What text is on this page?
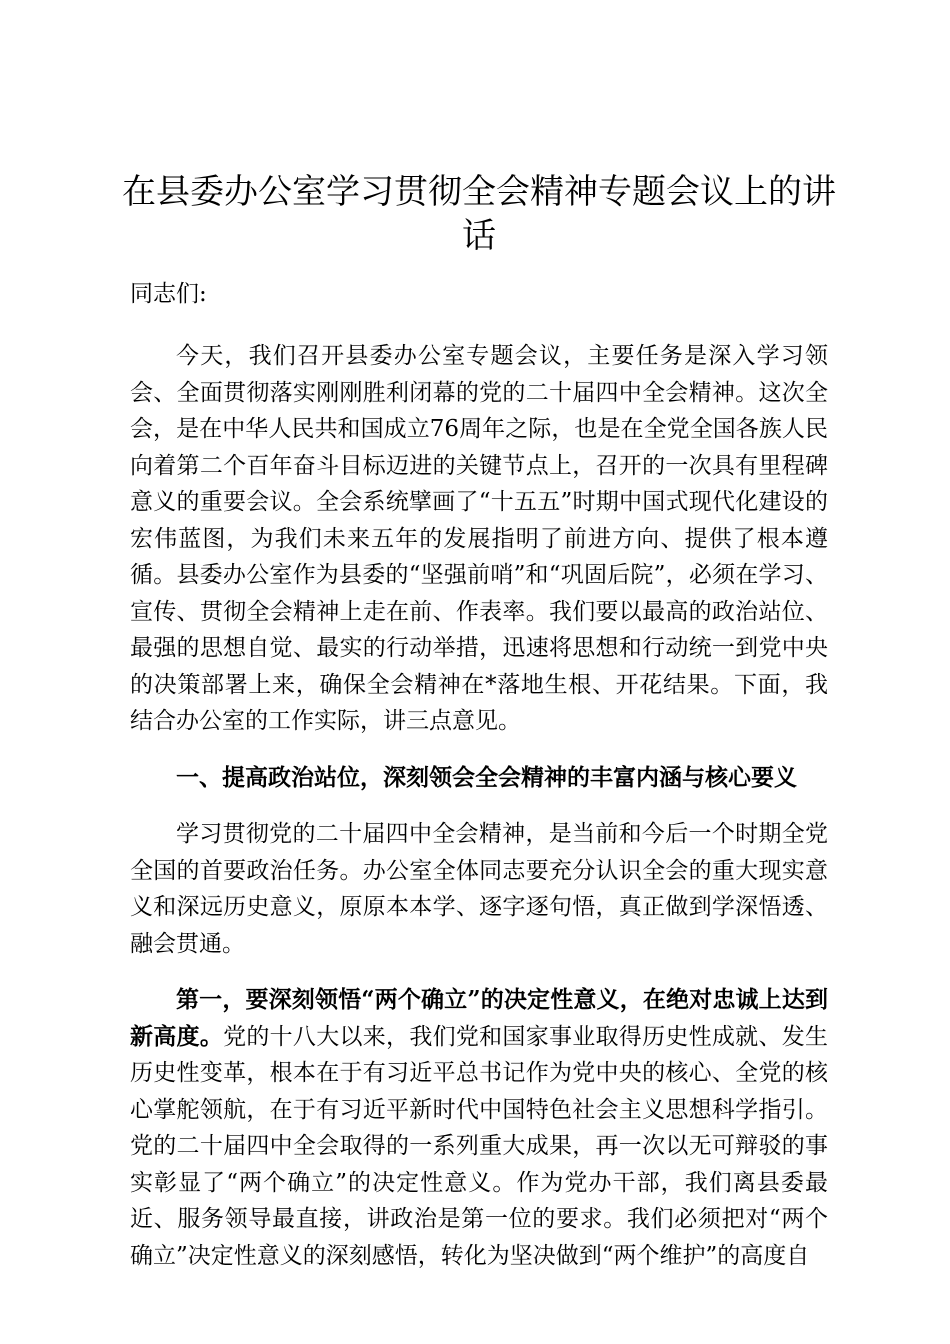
在县委办公室学习贯彻全会精神专题会议上的讲话

同志们:

今天，我们召开县委办公室专题会议，主要任务是深入学习领会、全面贯彻落实刚刚胜利闭幕的党的二十届四中全会精神。这次全会，是在中华人民共和国成立76周年之际，也是在全党全国各族人民向着第二个百年奋斗目标迈进的关键节点上，召开的一次具有里程碑意义的重要会议。全会系统擘画了“十五五”时期中国式现代化建设的宏伟蓝图，为我们未来五年的发展指明了前进方向、提供了根本遵循。县委办公室作为县委的“坚强前哨”和“巩固后院”，必须在学习、宣传、贯彻全会精神上走在前、作表率。我们要以最高的政治站位、最强的思想自觉、最实的行动举措，迅速将思想和行动统一到党中央的决策部署上来，确保全会精神在*落地生根、开花结果。下面，我结合办公室的工作实际，讲三点意见。

一、提高政治站位，深刻领会全会精神的丰富内涵与核心要义

学习贯彻党的二十届四中全会精神，是当前和今后一个时期全党全国的首要政治任务。办公室全体同志要充分认识全会的重大现实意义和深远历史意义，原原本本学、逐字逐句悟，真正做到学深悟透、融会贯通。

第一，要深刻领悟“两个确立”的决定性意义，在绝对忠诚上达到新高度。党的十八大以来，我们党和国家事业取得历史性成就、发生历史性变革，根本在于有习近平总书记作为党中央的核心、全党的核心掌舵领航，在于有习近平新时代中国特色社会主义思想科学指引。党的二十届四中全会取得的一系列重大成果，再一次以无可辩驳的事实彰显了“两个确立”的决定性意义。作为党办干部，我们离县委最近、服务领导最直接，讲政治是第一位的要求。我们必须把对“两个确立”决定性意义的深刻感悟，转化为坚决做到“两个维护”的高度自
